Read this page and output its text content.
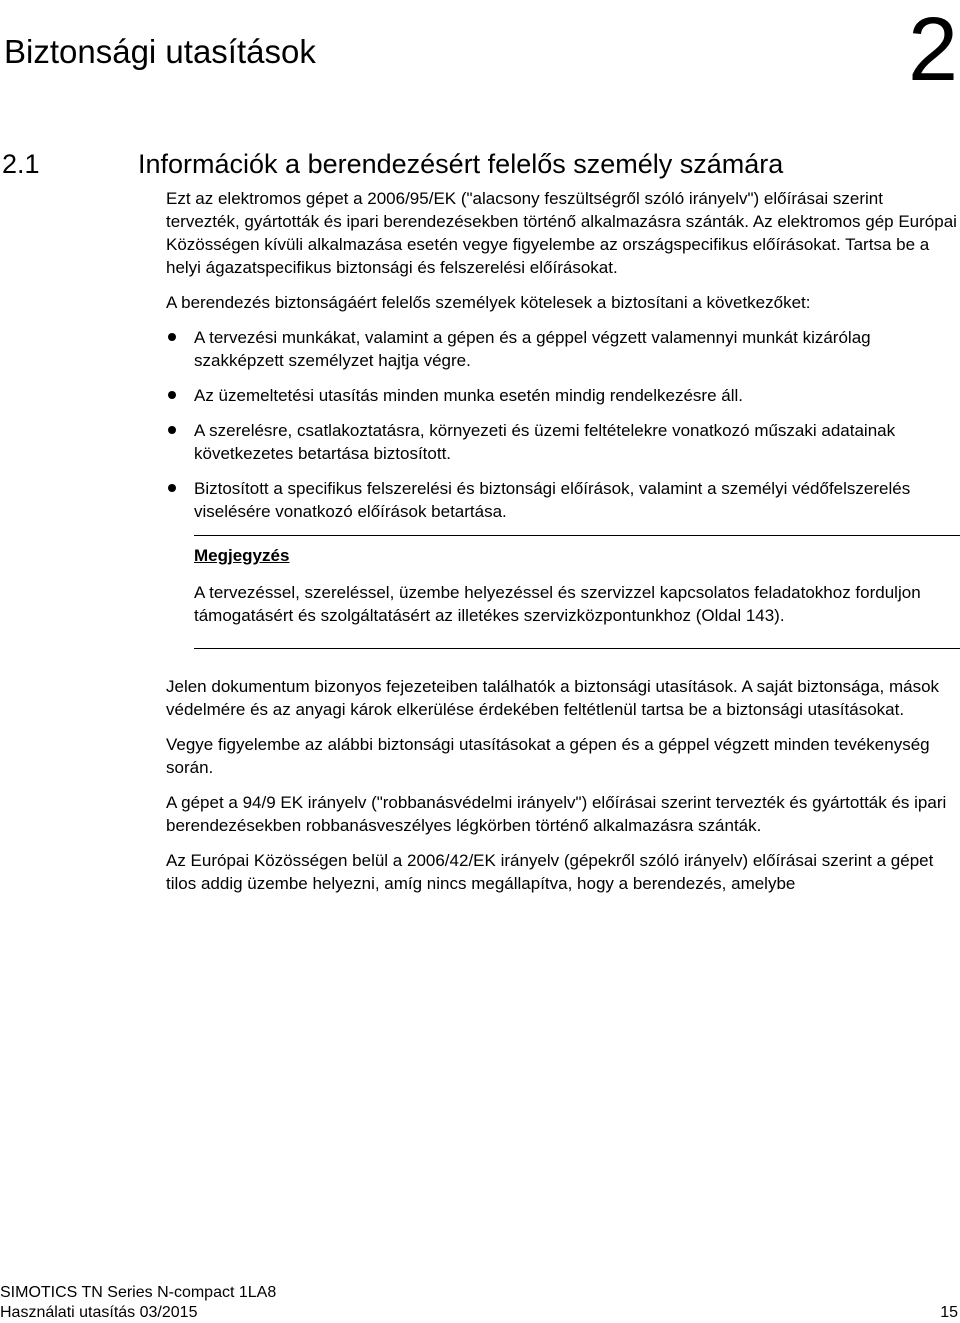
Biztonsági utasítások	2
2.1	Információk a berendezésért felelős személy számára

Ezt az elektromos gépet a 2006/95/EK ("alacsony feszültségről szóló irányelv") előírásai szerint tervezték, gyártották és ipari berendezésekben történő alkalmazásra szánták. Az elektromos gép Európai Közösségen kívüli alkalmazása esetén vegye figyelembe az országspecifikus előírásokat. Tartsa be a helyi ágazatspecifikus biztonsági és felszerelési előírásokat.

A berendezés biztonságáért felelős személyek kötelesek a biztosítani a következőket:

A tervezési munkákat, valamint a gépen és a géppel végzett valamennyi munkát kizárólag szakképzett személyzet hajtja végre.
Az üzemeltetési utasítás minden munka esetén mindig rendelkezésre áll.
A szerelésre, csatlakoztatásra, környezeti és üzemi feltételekre vonatkozó műszaki adatainak következetes betartása biztosított.
Biztosított a specifikus felszerelési és biztonsági előírások, valamint a személyi védőfelszerelés viselésére vonatkozó előírások betartása.
Megjegyzés

A tervezéssel, szereléssel, üzembe helyezéssel és szervizzel kapcsolatos feladatokhoz forduljon támogatásért és szolgáltatásért az illetékes szervizközpontunkhoz (Oldal 143).

Jelen dokumentum bizonyos fejezeteiben találhatók a biztonsági utasítások. A saját biztonsága, mások védelmére és az anyagi károk elkerülése érdekében feltétlenül tartsa be a biztonsági utasításokat.

Vegye figyelembe az alábbi biztonsági utasításokat a gépen és a géppel végzett minden tevékenység során.

A gépet a 94/9 EK irányelv ("robbanásvédelmi irányelv") előírásai szerint tervezték és gyártották és ipari berendezésekben robbanásveszélyes légkörben történő alkalmazásra szánták.

Az Európai Közösségen belül a 2006/42/EK irányelv (gépekről szóló irányelv) előírásai szerint a gépet tilos addig üzembe helyezni, amíg nincs megállapítva, hogy a berendezés, amelybe

SIMOTICS TN Series N-compact 1LA8
Használati utasítás 03/2015	15
